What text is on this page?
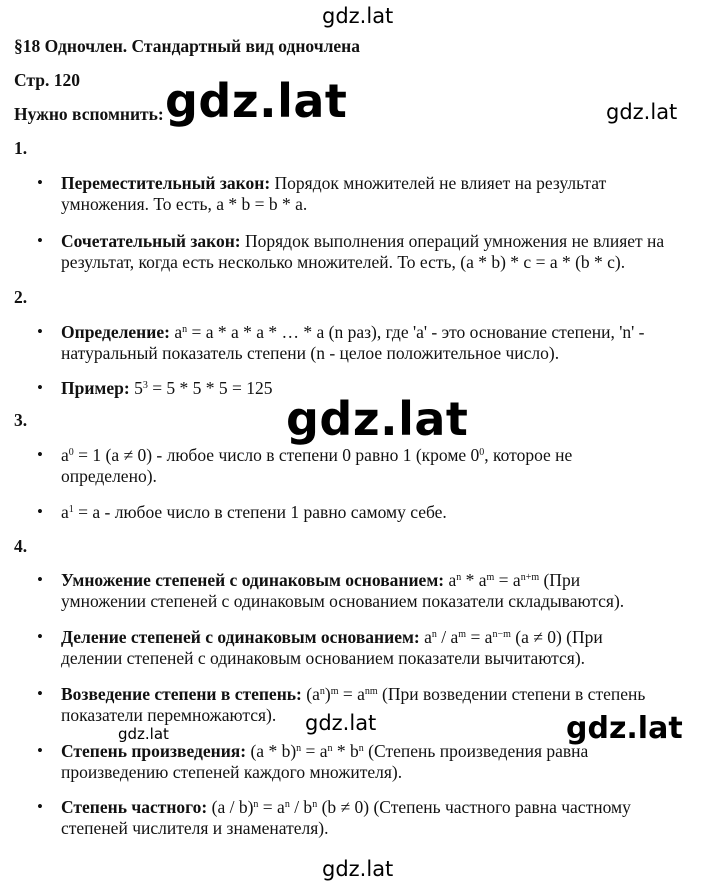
gdz.lat
gdz.lat	gdz.lat
gdz.lat
gdz.lat
gdz.lat	gdz.lat
gdz.lat
§18 Одночлен. Стандартный вид одночлена
Стр. 120
Нужно вспомнить:
1.
• Переместительный закон: Порядок множителей не влияет на результат
умножения. То есть, a * b = b * a.
• Сочетательный закон: Порядок выполнения операций умножения не влияет на
результат, когда есть несколько множителей. То есть, (a * b) * c = a * (b * c).
2.
• Определение: $a^n = a * a * a$ * … * a (n раз), где 'a' - это основание степени, 'n' -
натуральный показатель степени (n - целое положительное число).
• Пример: $5^3 = 5 * 5 * 5 = 125$
3.
• $a^0 = 1$ (a ≠ 0) - любое число в степени 0 равно 1 (кроме $0^0$, которое не
определено).
• $a^1 = a$ - любое число в степени 1 равно самому себе.
4.
• Умножение степеней с одинаковым основанием: $a^n * a^m = a^{n+m}$ (При
умножении степеней с одинаковым основанием показатели складываются).
• Деление степеней с одинаковым основанием: $a^n / a^m = a^{n-m}$ (a ≠ 0) (При
делении степеней с одинаковым основанием показатели вычитаются).
• Возведение степени в степень: $(a^n)^m = a^{nm}$ (При возведении степени в степень
показатели перемножаются).
• Степень произведения: $(a * b)^n = a^n * b^n$ (Степень произведения равна
произведению степеней каждого множителя).
• Степень частного: $(a / b)^n = a^n / b^n$ (b ≠ 0) (Степень частного равна частному
степеней числителя и знаменателя).
